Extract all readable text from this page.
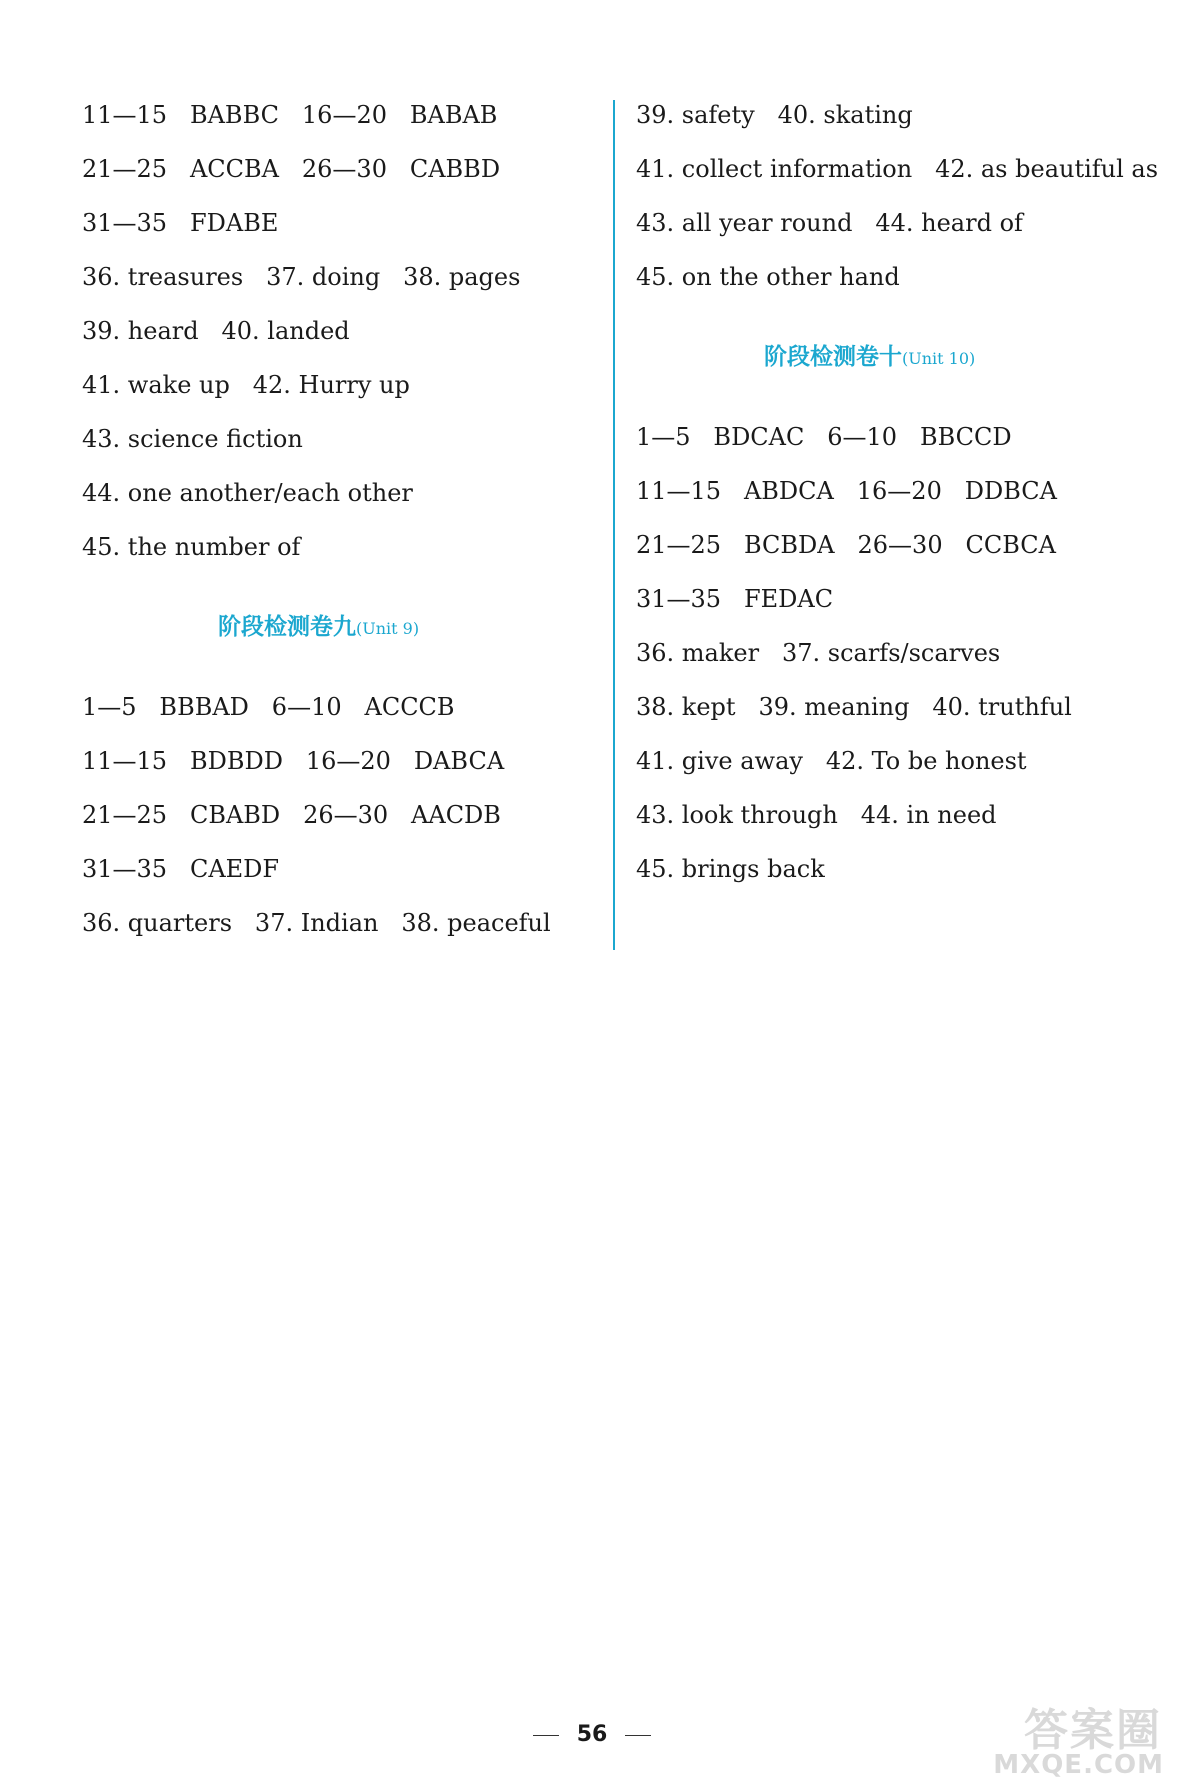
11—15   BABBC   16—20   BABAB
21—25   ACCBA   26—30   CABBD
31—35   FDABE
36. treasures   37. doing   38. pages
39. heard   40. landed
41. wake up   42. Hurry up
43. science fiction
44. one another/each other
45. the number of
阶段检测卷九(Unit 9)
1—5   BBBAD   6—10   ACCCB
11—15   BDBDD   16—20   DABCA
21—25   CBABD   26—30   AACDB
31—35   CAEDF
36. quarters   37. Indian   38. peaceful
39. safety   40. skating
41. collect information   42. as beautiful as
43. all year round   44. heard of
45. on the other hand
阶段检测卷十(Unit 10)
1—5   BDCAC   6—10   BBCCD
11—15   ABDCA   16—20   DDBCA
21—25   BCBDA   26—30   CCBCA
31—35   FEDAC
36. maker   37. scarfs/scarves
38. kept   39. meaning   40. truthful
41. give away   42. To be honest
43. look through   44. in need
45. brings back
56	答案圈
MXQE.COM
